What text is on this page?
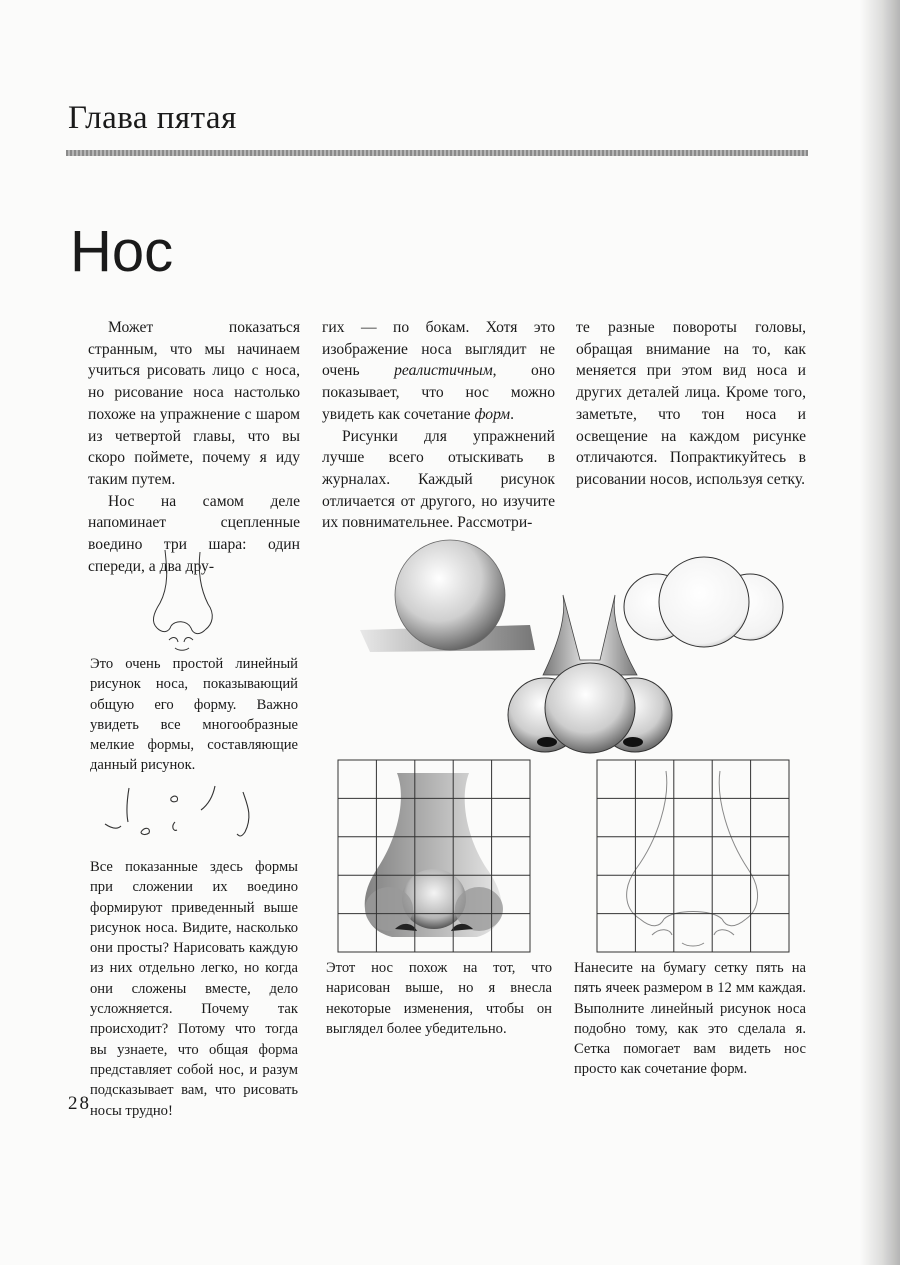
Глава пятая
Нос

Может показаться странным, что мы начинаем учиться рисовать лицо с носа, но рисование носа настолько похоже на упражнение с шаром из четвертой главы, что вы скоро поймете, почему я иду таким путем.

Нос на самом деле напоминает сцепленные воедино три шара: один спереди, а два дру-

гих — по бокам. Хотя это изображение носа выглядит не очень реалистичным, оно показывает, что нос можно увидеть как сочетание форм.

Рисунки для упражнений лучше всего отыскивать в журналах. Каждый рисунок отличается от другого, но изучите их повнимательнее. Рассмотри-

те разные повороты головы, обращая внимание на то, как меняется при этом вид носа и других деталей лица. Кроме того, заметьте, что тон носа и освещение на каждом рисунке отличаются. Попрактикуйтесь в рисовании носов, используя сетку.

Это очень простой линейный рисунок носа, показывающий общую его форму. Важно увидеть все многообразные мелкие формы, составляющие данный рисунок.
Все показанные здесь формы при сложении их воедино формируют приведенный выше рисунок носа. Видите, насколько они просты? Нарисовать каждую из них отдельно легко, но когда они сложены вместе, дело усложняется. Почему так происходит? Потому что тогда вы узнаете, что общая форма представляет собой нос, и разум подсказывает вам, что рисовать носы трудно!
Этот нос похож на тот, что нарисован выше, но я внесла некоторые изменения, чтобы он выглядел более убедительно.
Нанесите на бумагу сетку пять на пять ячеек размером в 12 мм каждая. Выполните линейный рисунок носа подобно тому, как это сделала я. Сетка помогает вам видеть нос просто как сочетание форм.
28
